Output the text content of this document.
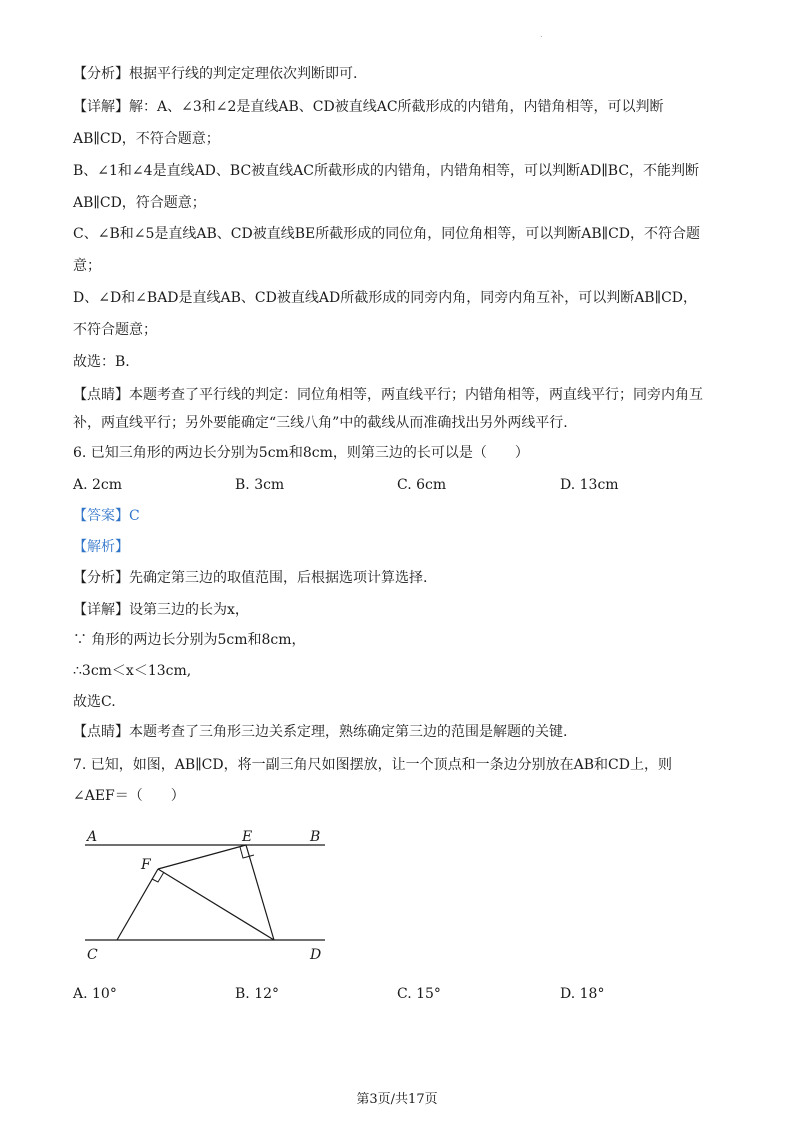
.
【分析】根据平行线的判定定理依次判断即可.
【详解】解：A、∠3和∠2是直线AB、CD被直线AC所截形成的内错角，内错角相等，可以判断
AB∥CD，不符合题意；
B、∠1和∠4是直线AD、BC被直线AC所截形成的内错角，内错角相等，可以判断AD∥BC，不能判断
AB∥CD，符合题意；
C、∠B和∠5是直线AB、CD被直线BE所截形成的同位角，同位角相等，可以判断AB∥CD，不符合题
意；
D、∠D和∠BAD是直线AB、CD被直线AD所截形成的同旁内角，同旁内角互补，可以判断AB∥CD，
不符合题意；
故选：B.
【点睛】本题考查了平行线的判定：同位角相等，两直线平行；内错角相等，两直线平行；同旁内角互
补，两直线平行；另外要能确定“三线八角”中的截线从而准确找出另外两线平行.
6. 已知三角形的两边长分别为5cm和8cm，则第三边的长可以是（　　）
A. 2cm	B. 3cm	C. 6cm	D. 13cm
【答案】C
【解析】
【分析】先确定第三边的取值范围，后根据选项计算选择.
【详解】设第三边的长为x，
∵ 角形的两边长分别为5cm和8cm，
∴3cm＜x＜13cm,
故选C.
【点睛】本题考查了三角形三边关系定理，熟练确定第三边的范围是解题的关键.
7. 已知，如图，AB∥CD，将一副三角尺如图摆放，让一个顶点和一条边分别放在AB和CD上，则
∠AEF＝（　　）
A	E	B
F
C	D
A. 10°	B. 12°	C. 15°	D. 18°
第3页/共17页
